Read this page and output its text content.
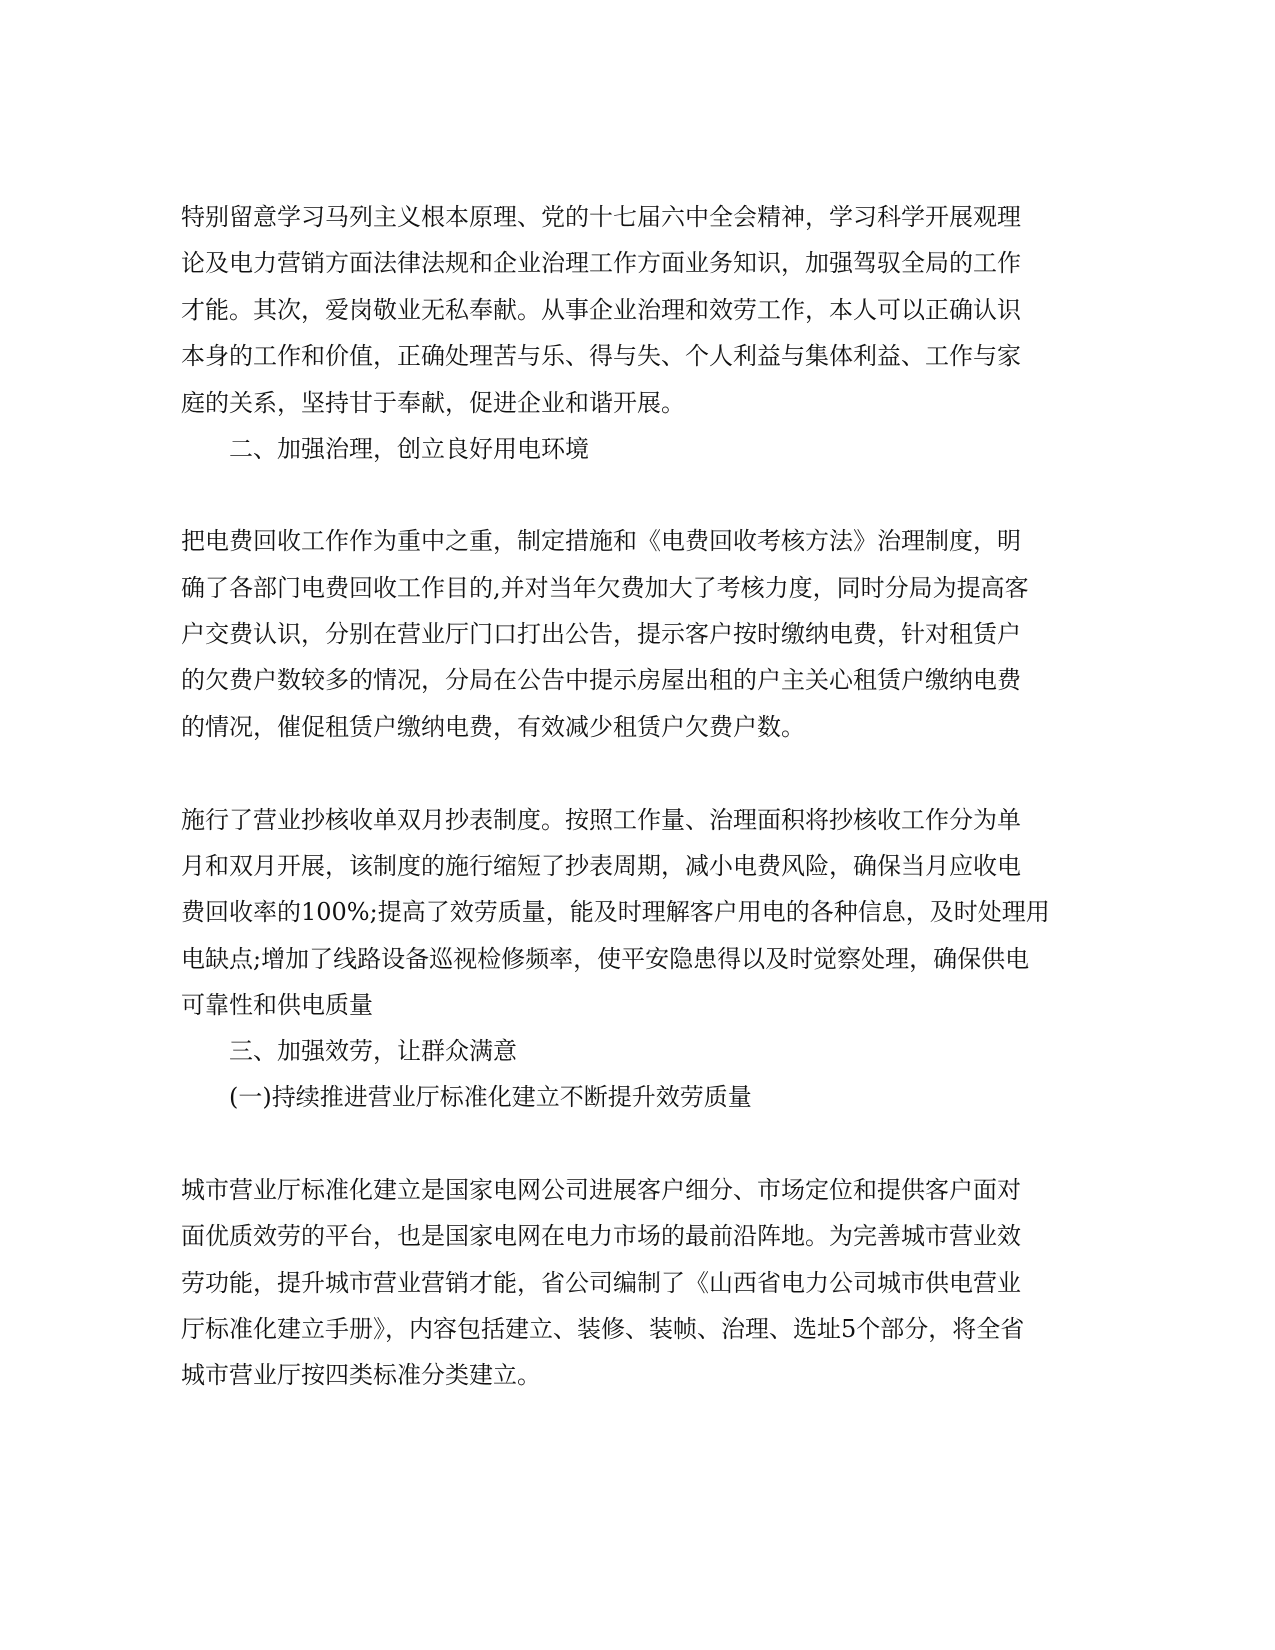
特别留意学习马列主义根本原理、党的十七届六中全会精神，学习科学开展观理
论及电力营销方面法律法规和企业治理工作方面业务知识，加强驾驭全局的工作
才能。其次，爱岗敬业无私奉献。从事企业治理和效劳工作，本人可以正确认识
本身的工作和价值，正确处理苦与乐、得与失、个人利益与集体利益、工作与家
庭的关系，坚持甘于奉献，促进企业和谐开展。
二、加强治理，创立良好用电环境
把电费回收工作作为重中之重，制定措施和《电费回收考核方法》治理制度，明
确了各部门电费回收工作目的,并对当年欠费加大了考核力度，同时分局为提高客
户交费认识，分别在营业厅门口打出公告，提示客户按时缴纳电费，针对租赁户
的欠费户数较多的情况，分局在公告中提示房屋出租的户主关心租赁户缴纳电费
的情况，催促租赁户缴纳电费，有效减少租赁户欠费户数。
施行了营业抄核收单双月抄表制度。按照工作量、治理面积将抄核收工作分为单
月和双月开展，该制度的施行缩短了抄表周期，减小电费风险，确保当月应收电
费回收率的100%;提高了效劳质量，能及时理解客户用电的各种信息，及时处理用
电缺点;增加了线路设备巡视检修频率，使平安隐患得以及时觉察处理，确保供电
可靠性和供电质量
三、加强效劳，让群众满意
(一)持续推进营业厅标准化建立不断提升效劳质量
城市营业厅标准化建立是国家电网公司进展客户细分、市场定位和提供客户面对
面优质效劳的平台，也是国家电网在电力市场的最前沿阵地。为完善城市营业效
劳功能，提升城市营业营销才能，省公司编制了《山西省电力公司城市供电营业
厅标准化建立手册》，内容包括建立、装修、装帧、治理、选址5个部分，将全省
城市营业厅按四类标准分类建立。
